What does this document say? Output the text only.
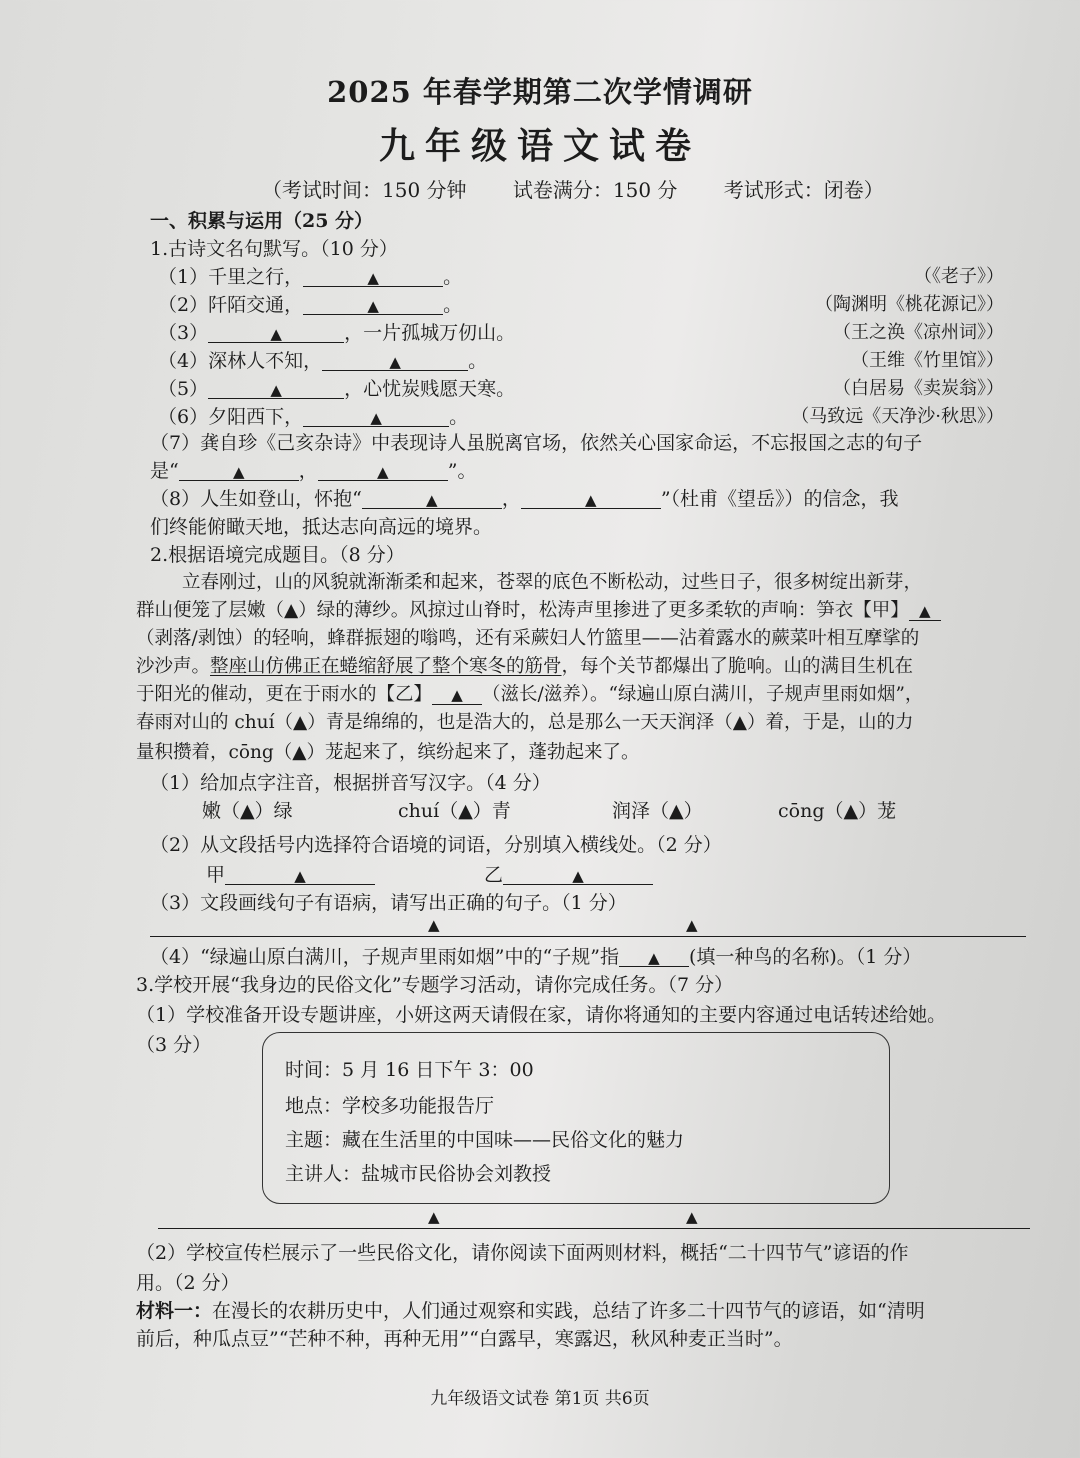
2025 年春学期第二次学情调研
九年级语文试卷
（考试时间：150 分钟 试卷满分：150 分 考试形式：闭卷）
一、积累与运用（25 分）
1.古诗文名句默写。（10 分）
（1）千里之行，	▲	。	（《老子》）
（2）阡陌交通，	▲	。	（陶渊明《桃花源记》）
（3）	▲	，一片孤城万仞山。	（王之涣《凉州词》）
（4）深林人不知，	▲	。	（王维《竹里馆》）
（5）	▲	，心忧炭贱愿天寒。	（白居易《卖炭翁》）
（6）夕阳西下，	▲	。	（马致远《天净沙·秋思》）
（7）龚自珍《己亥杂诗》中表现诗人虽脱离官场，依然关心国家命运，不忘报国之志的句子
是“	▲	，	▲	”。
（8）人生如登山，怀抱“	▲	，	▲	”（杜甫《望岳》）的信念，我
们终能俯瞰天地，抵达志向高远的境界。
2.根据语境完成题目。（8 分）
立春刚过，山的风貌就渐渐柔和起来，苍翠的底色不断松动，过些日子，很多树绽出新芽，
群山便笼了层嫩（▲）绿的薄纱。风掠过山脊时，松涛声里掺进了更多柔软的声响：笋衣【甲】 ▲
（剥落/剥蚀）的轻响，蜂群振翅的嗡鸣，还有采蕨妇人竹篮里——沾着露水的蕨菜叶相互摩挲的
沙沙声。整座山仿佛正在蜷缩舒展了整个寒冬的筋骨，每个关节都爆出了脆响。山的满目生机在
于阳光的催动，更在于雨水的【乙】 ▲ （滋长/滋养）。“绿遍山原白满川，子规声里雨如烟”，
春雨对山的 chuí（▲）青是绵绵的，也是浩大的，总是那么一天天润泽（▲）着，于是，山的力
量积攒着，cōng（▲）茏起来了，缤纷起来了，蓬勃起来了。
（1）给加点字注音，根据拼音写汉字。（4 分）
嫩（▲）绿	chuí（▲）青	润泽（▲）	cōng（▲）茏
（2）从文段括号内选择符合语境的词语，分别填入横线处。（2 分）
甲	▲	乙	▲
（3）文段画线句子有语病，请写出正确的句子。（1 分）
▲	▲
（4）“绿遍山原白满川，子规声里雨如烟”中的“子规”指 ▲ (填一种鸟的名称)。（1 分）
3.学校开展“我身边的民俗文化”专题学习活动，请你完成任务。（7 分）
（1）学校准备开设专题讲座，小妍这两天请假在家，请你将通知的主要内容通过电话转述给她。
（3 分）
时间：5 月 16 日下午 3：00
地点：学校多功能报告厅
主题：藏在生活里的中国味——民俗文化的魅力
主讲人：盐城市民俗协会刘教授
▲	▲
（2）学校宣传栏展示了一些民俗文化，请你阅读下面两则材料，概括“二十四节气”谚语的作
用。（2 分）
材料一：在漫长的农耕历史中，人们通过观察和实践，总结了许多二十四节气的谚语，如“清明
前后，种瓜点豆”“芒种不种，再种无用”“白露早，寒露迟，秋风种麦正当时”。
九年级语文试卷 第1页 共6页
